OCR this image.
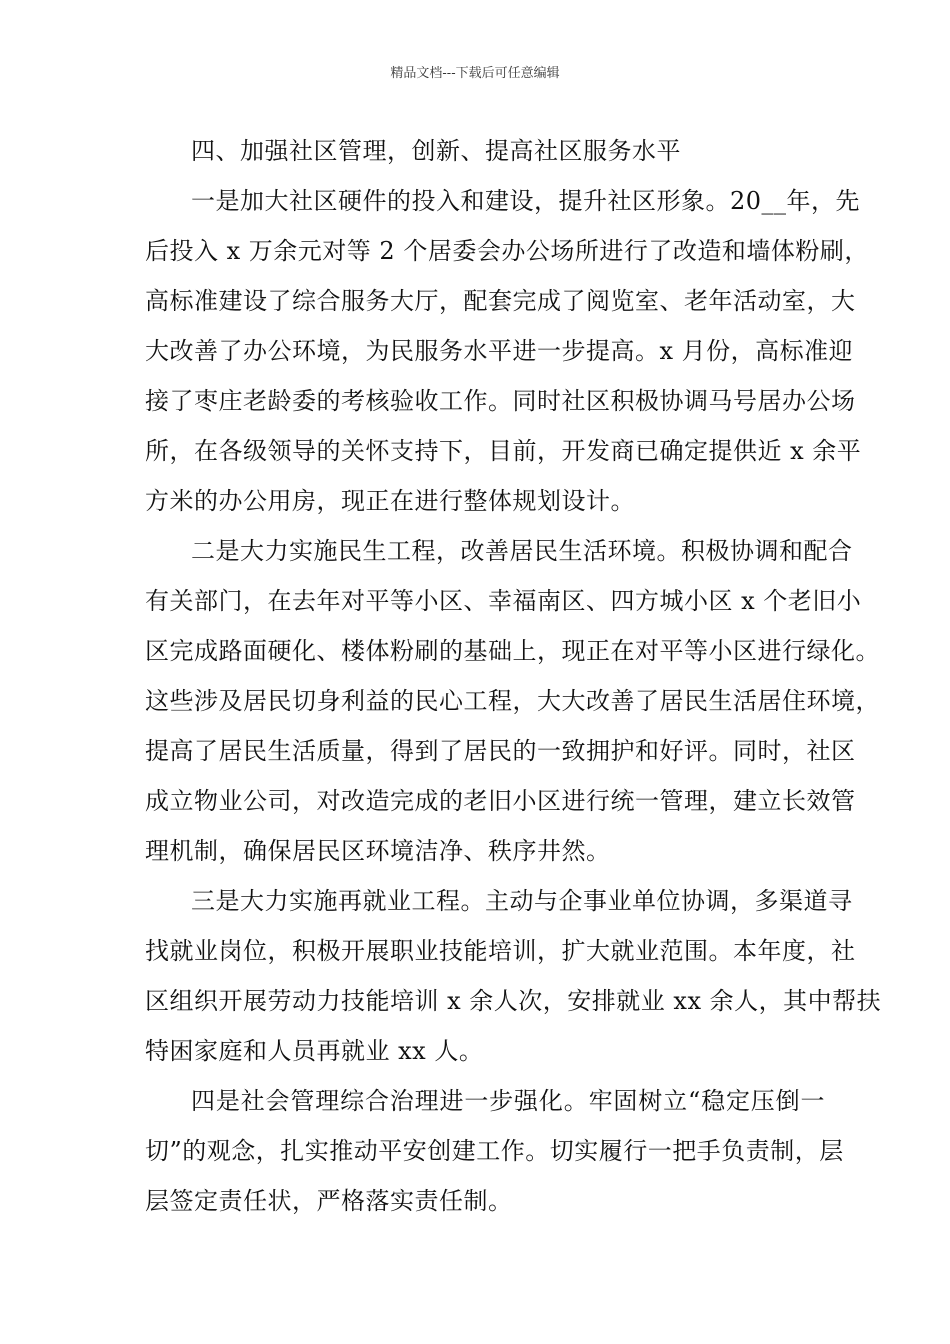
精品文档---下载后可任意编辑
四、加强社区管理，创新、提高社区服务水平
一是加大社区硬件的投入和建设，提升社区形象。20__年，先
后投入 x 万余元对等 2 个居委会办公场所进行了改造和墙体粉刷，
高标准建设了综合服务大厅，配套完成了阅览室、老年活动室，大
大改善了办公环境，为民服务水平进一步提高。x 月份，高标准迎
接了枣庄老龄委的考核验收工作。同时社区积极协调马号居办公场
所，在各级领导的关怀支持下，目前，开发商已确定提供近 x 余平
方米的办公用房，现正在进行整体规划设计。
二是大力实施民生工程，改善居民生活环境。积极协调和配合
有关部门，在去年对平等小区、幸福南区、四方城小区 x 个老旧小
区完成路面硬化、楼体粉刷的基础上，现正在对平等小区进行绿化。
这些涉及居民切身利益的民心工程，大大改善了居民生活居住环境，
提高了居民生活质量，得到了居民的一致拥护和好评。同时，社区
成立物业公司，对改造完成的老旧小区进行统一管理，建立长效管
理机制，确保居民区环境洁净、秩序井然。
三是大力实施再就业工程。主动与企事业单位协调，多渠道寻
找就业岗位，积极开展职业技能培训，扩大就业范围。本年度，社
区组织开展劳动力技能培训 x 余人次，安排就业 xx 余人，其中帮扶
特困家庭和人员再就业 xx 人。
四是社会管理综合治理进一步强化。牢固树立“稳定压倒一
切”的观念，扎实推动平安创建工作。切实履行一把手负责制，层
层签定责任状，严格落实责任制。
